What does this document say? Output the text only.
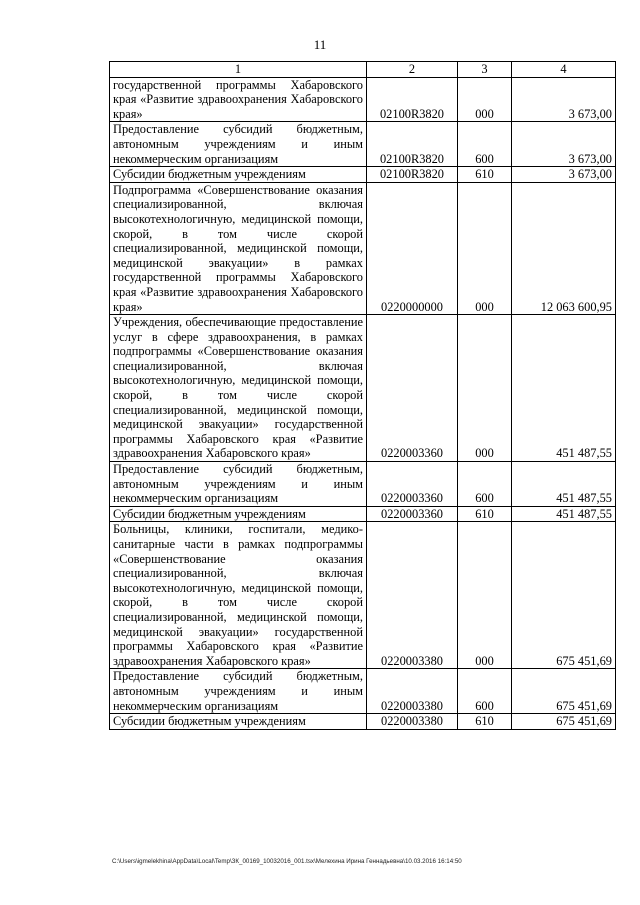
11
1	2	3	4
государственной программы Хабаровского края «Развитие здравоохранения Хабаровского края»	02100R3820	000	3 673,00
Предоставление субсидий бюджетным, автономным учреждениям и иным некоммерческим организациям	02100R3820	600	3 673,00
Субсидии бюджетным учреждениям	02100R3820	610	3 673,00
Подпрограмма «Совершенствование оказания специализированной, включая высокотехнологичную, медицинской помощи, скорой, в том числе скорой специализированной, медицинской помощи, медицинской эвакуации» в рамках государственной программы Хабаровского края «Развитие здравоохранения Хабаровского края»	0220000000	000	12 063 600,95
Учреждения, обеспечивающие предоставление услуг в сфере здравоохранения, в рамках подпрограммы «Совершенствование оказания специализированной, включая высокотехнологичную, медицинской помощи, скорой, в том числе скорой специализированной, медицинской помощи, медицинской эвакуации» государственной программы Хабаровского края «Развитие здравоохранения Хабаровского края»	0220003360	000	451 487,55
Предоставление субсидий бюджетным, автономным учреждениям и иным некоммерческим организациям	0220003360	600	451 487,55
Субсидии бюджетным учреждениям	0220003360	610	451 487,55
Больницы, клиники, госпитали, медико-санитарные части в рамках подпрограммы «Совершенствование оказания специализированной, включая высокотехнологичную, медицинской помощи, скорой, в том числе скорой специализированной, медицинской помощи, медицинской эвакуации» государственной программы Хабаровского края «Развитие здравоохранения Хабаровского края»	0220003380	000	675 451,69
Предоставление субсидий бюджетным, автономным учреждениям и иным некоммерческим организациям	0220003380	600	675 451,69
Субсидии бюджетным учреждениям	0220003380	610	675 451,69
C:\Users\igmelekhina\AppData\Local\Temp\ЗК_00169_10032016_001.tsx\Мелехина Ирина Геннадьевна\10.03.2016 16:14:50
